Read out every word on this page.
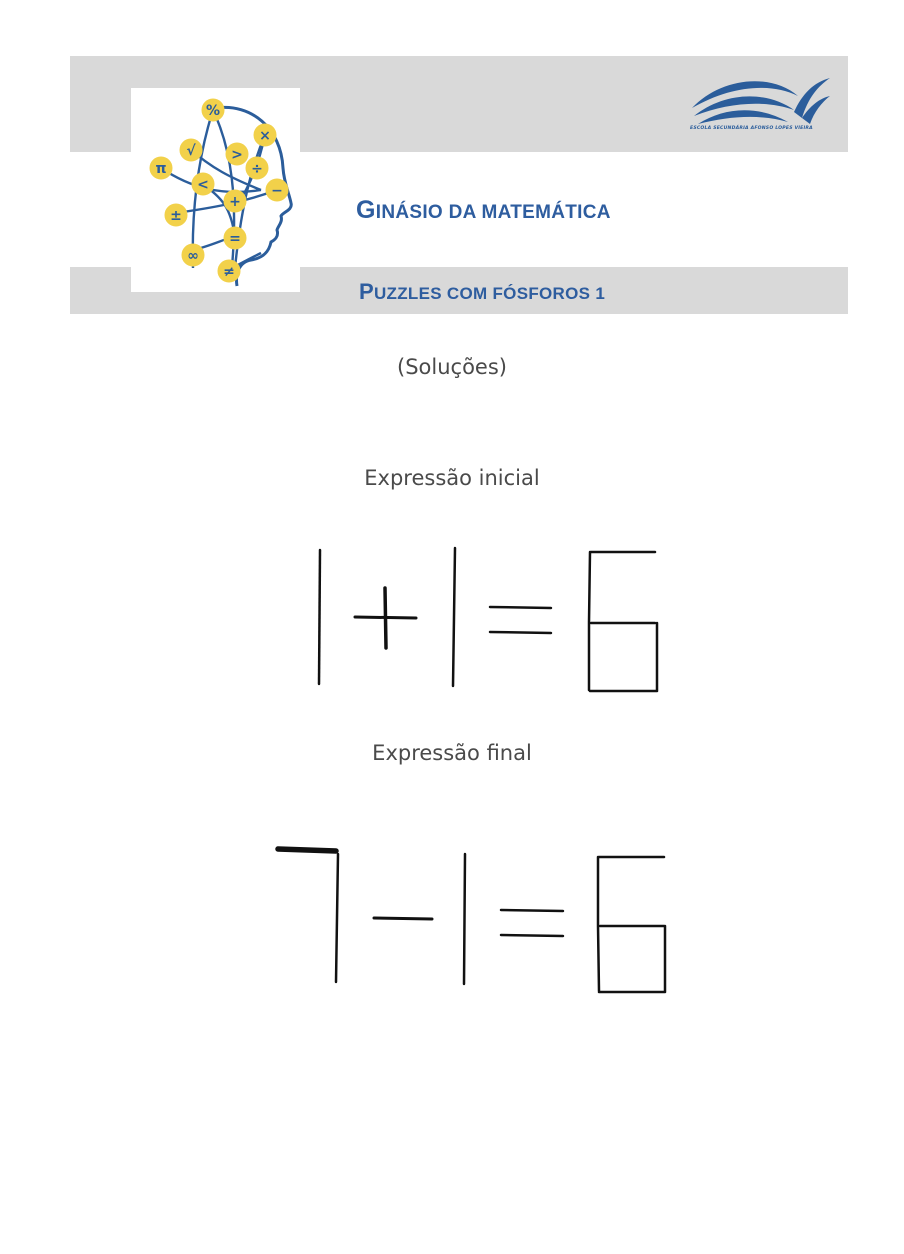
%
×
√	>
÷
π
<	−
+
±
=
∞
≠
ESCOLA SECUNDÁRIA AFONSO LOPES VIEIRA
GINÁSIO DA MATEMÁTICA
PUZZLES COM FÓSFOROS 1
(Soluções)
Expressão inicial
Expressão final
